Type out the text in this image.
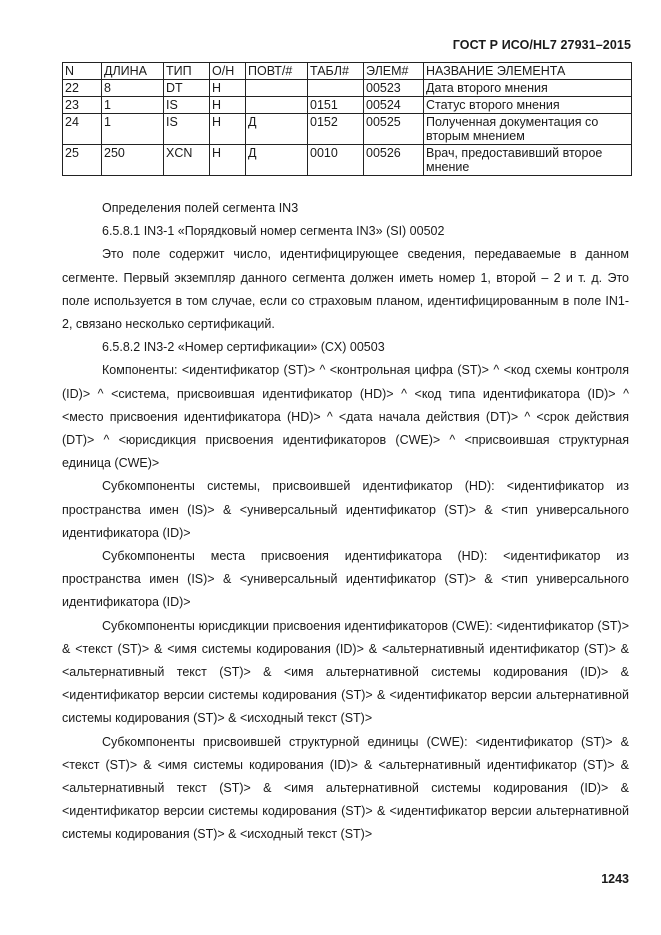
ГОСТ Р ИСО/HL7 27931–2015
N	ДЛИНА	ТИП	О/Н	ПОВТ/#	ТАБЛ#	ЭЛЕМ#	НАЗВАНИЕ ЭЛЕМЕНТА
22	8	DT	Н			00523	Дата второго мнения
23	1	IS	Н		0151	00524	Статус второго мнения
24	1	IS	Н	Д	0152	00525	Полученная документация со вторым мнением
25	250	XCN	Н	Д	0010	00526	Врач, предоставивший второе мнение

Определения полей сегмента IN3

6.5.8.1 IN3-1 «Порядковый номер сегмента IN3» (SI) 00502

Это поле содержит число, идентифицирующее сведения, передаваемые в данном сегменте. Первый экземпляр данного сегмента должен иметь номер 1, второй – 2 и т. д. Это поле используется в том случае, если со страховым планом, идентифицированным в поле IN1-2, связано несколько сертификаций.

6.5.8.2 IN3-2 «Номер сертификации» (CX) 00503

Компоненты: <идентификатор (ST)> ^ <контрольная цифра (ST)> ^ <код схемы контроля (ID)> ^ <система, присвоившая идентификатор (HD)> ^ <код типа идентификатора (ID)> ^ <место присвоения идентификатора (HD)> ^ <дата начала действия (DT)> ^ <срок действия (DT)> ^ <юрисдикция присвоения идентификаторов (CWE)> ^ <присвоившая структурная единица (CWE)>

Субкомпоненты системы, присвоившей идентификатор (HD): <идентификатор из пространства имен (IS)> & <универсальный идентификатор (ST)> & <тип универсального идентификатора (ID)>

Субкомпоненты места присвоения идентификатора (HD): <идентификатор из пространства имен (IS)> & <универсальный идентификатор (ST)> & <тип универсального идентификатора (ID)>

Субкомпоненты юрисдикции присвоения идентификаторов (CWE): <идентификатор (ST)> & <текст (ST)> & <имя системы кодирования (ID)> & <альтернативный идентификатор (ST)> & <альтернативный текст (ST)> & <имя альтернативной системы кодирования (ID)> & <идентификатор версии системы кодирования (ST)> & <идентификатор версии альтернативной системы кодирования (ST)> & <исходный текст (ST)>

Субкомпоненты присвоившей структурной единицы (CWE): <идентификатор (ST)> & <текст (ST)> & <имя системы кодирования (ID)> & <альтернативный идентификатор (ST)> & <альтернативный текст (ST)> & <имя альтернативной системы кодирования (ID)> & <идентификатор версии системы кодирования (ST)> & <идентификатор версии альтернативной системы кодирования (ST)> & <исходный текст (ST)>

1243
